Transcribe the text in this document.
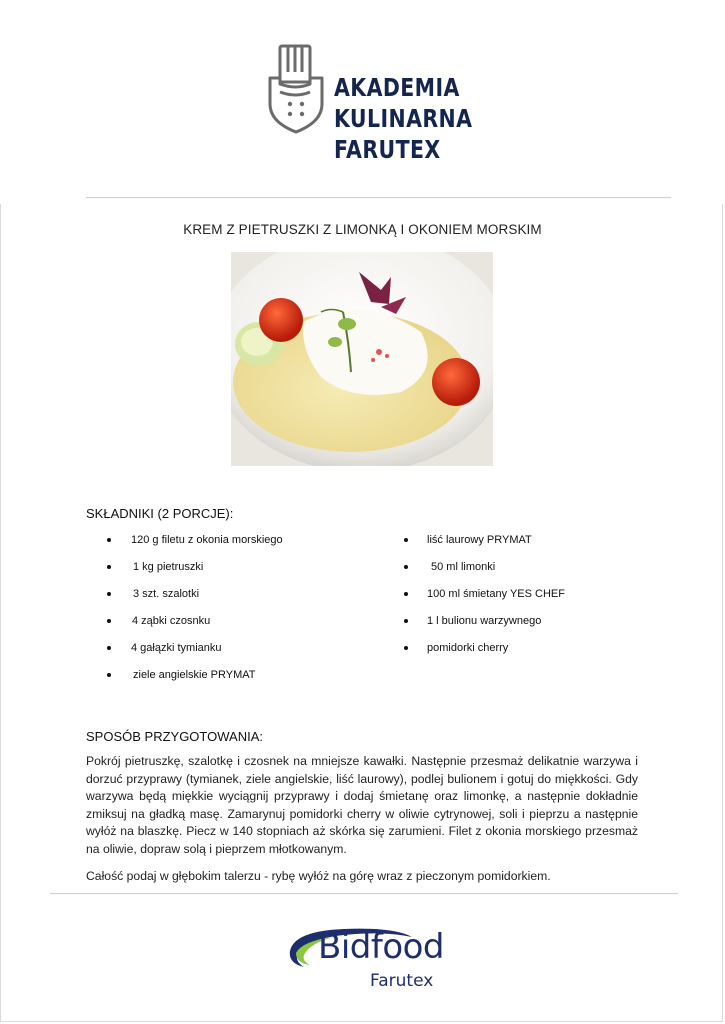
AKADEMIA
KULINARNA
FARUTEX
KREM Z PIETRUSZKI Z LIMONKĄ I OKONIEM MORSKIM
SKŁADNIKI (2 PORCJE):
120 g filetu z okonia morskiego
1 kg pietruszki
3 szt. szalotki
4 ząbki czosnku
4 gałązki tymianku
ziele angielskie PRYMAT
liść laurowy PRYMAT
50 ml limonki
100 ml śmietany YES CHEF
1 l bulionu warzywnego
pomidorki cherry
SPOSÓB PRZYGOTOWANIA:

Pokrój pietruszkę, szalotkę i czosnek na mniejsze kawałki. Następnie przesmaż delikatnie warzywa i dorzuć przyprawy (tymianek, ziele angielskie, liść laurowy), podlej bulionem i gotuj do miękkości. Gdy warzywa będą miękkie wyciągnij przyprawy i dodaj śmietanę oraz limonkę, a następnie dokładnie zmiksuj na gładką masę. Zamarynuj pomidorki cherry w oliwie cytrynowej, soli i pieprzu a następnie wyłóż na blaszkę. Piecz w 140 stopniach aż skórka się zarumieni. Filet z okonia morskiego przesmaż na oliwie, dopraw solą i pieprzem młotkowanym.

Całość podaj w głębokim talerzu - rybę wyłóż na górę wraz z pieczonym pomidorkiem.

Bidfood
Farutex
